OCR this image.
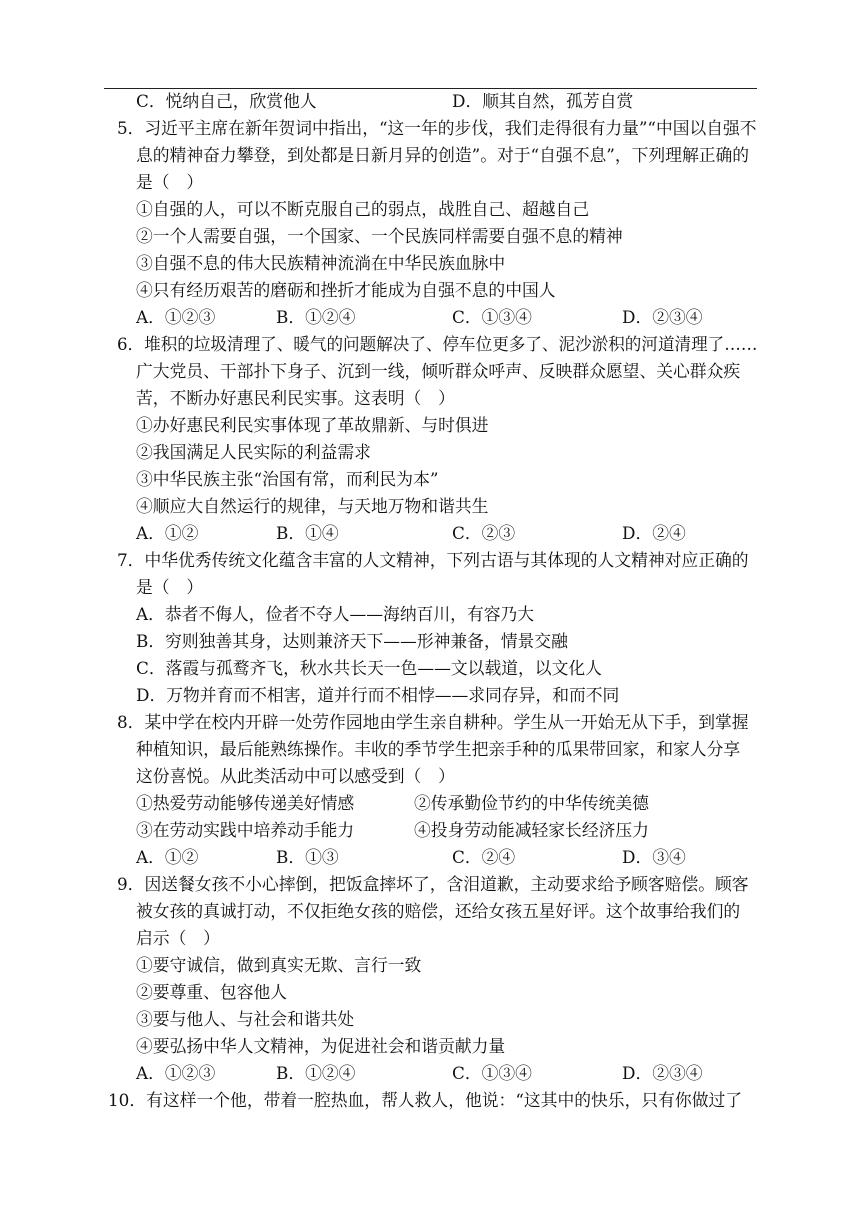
C．悦纳自己，欣赏他人	D．顺其自然，孤芳自赏
5．习近平主席在新年贺词中指出，“这一年的步伐，我们走得很有力量”“中国以自强不
息的精神奋力攀登，到处都是日新月异的创造”。对于“自强不息”，下列理解正确的
是（　）
①自强的人，可以不断克服自己的弱点，战胜自己、超越自己
②一个人需要自强，一个国家、一个民族同样需要自强不息的精神
③自强不息的伟大民族精神流淌在中华民族血脉中
④只有经历艰苦的磨砺和挫折才能成为自强不息的中国人
A．①②③	B．①②④	C．①③④	D．②③④
6．堆积的垃圾清理了、暖气的问题解决了、停车位更多了、泥沙淤积的河道清理了……
广大党员、干部扑下身子、沉到一线，倾听群众呼声、反映群众愿望、关心群众疾
苦，不断办好惠民利民实事。这表明（　）
①办好惠民利民实事体现了革故鼎新、与时俱进
②我国满足人民实际的利益需求
③中华民族主张“治国有常，而利民为本”
④顺应大自然运行的规律，与天地万物和谐共生
A．①②	B．①④	C．②③	D．②④
7．中华优秀传统文化蕴含丰富的人文精神，下列古语与其体现的人文精神对应正确的
是（　）
A．恭者不侮人，俭者不夺人——海纳百川，有容乃大
B．穷则独善其身，达则兼济天下——形神兼备，情景交融
C．落霞与孤鹜齐飞，秋水共长天一色——文以载道，以文化人
D．万物并育而不相害，道并行而不相悖——求同存异，和而不同
8．某中学在校内开辟一处劳作园地由学生亲自耕种。学生从一开始无从下手，到掌握
种植知识，最后能熟练操作。丰收的季节学生把亲手种的瓜果带回家，和家人分享
这份喜悦。从此类活动中可以感受到（　）
①热爱劳动能够传递美好情感	②传承勤俭节约的中华传统美德
③在劳动实践中培养动手能力	④投身劳动能减轻家长经济压力
A．①②	B．①③	C．②④	D．③④
9．因送餐女孩不小心摔倒，把饭盒摔坏了，含泪道歉，主动要求给予顾客赔偿。顾客
被女孩的真诚打动，不仅拒绝女孩的赔偿，还给女孩五星好评。这个故事给我们的
启示（　）
①要守诚信，做到真实无欺、言行一致
②要尊重、包容他人
③要与他人、与社会和谐共处
④要弘扬中华人文精神，为促进社会和谐贡献力量
A．①②③	B．①②④	C．①③④	D．②③④
10．有这样一个他，带着一腔热血，帮人救人，他说：“这其中的快乐，只有你做过了
